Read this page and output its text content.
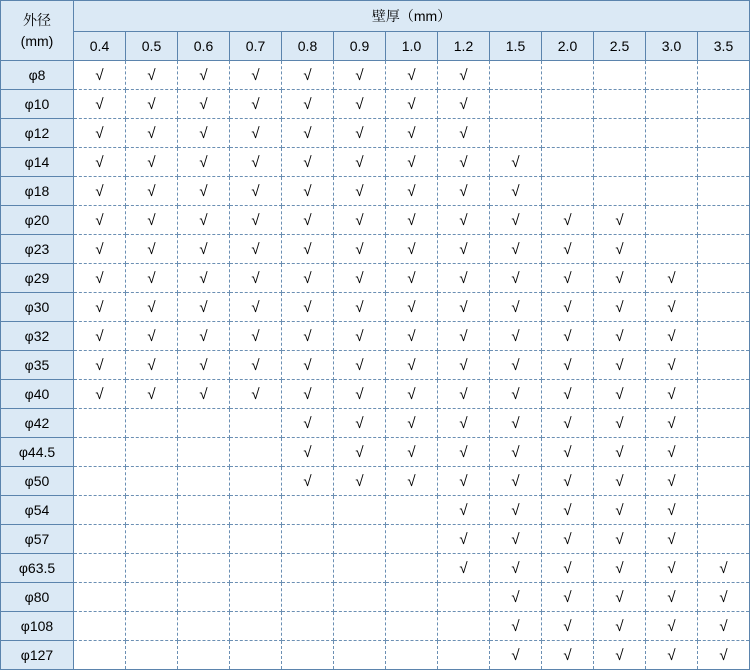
外径
(mm)	壁厚（mm）												
	0.4	0.5	0.6	0.7	0.8	0.9	1.0	1.2	1.5	2.0	2.5	3.0	3.5
φ8	√	√	√	√	√	√	√	√					
φ10	√	√	√	√	√	√	√	√					
φ12	√	√	√	√	√	√	√	√					
φ14	√	√	√	√	√	√	√	√	√				
φ18	√	√	√	√	√	√	√	√	√				
φ20	√	√	√	√	√	√	√	√	√	√	√		
φ23	√	√	√	√	√	√	√	√	√	√	√		
φ29	√	√	√	√	√	√	√	√	√	√	√	√	
φ30	√	√	√	√	√	√	√	√	√	√	√	√	
φ32	√	√	√	√	√	√	√	√	√	√	√	√	
φ35	√	√	√	√	√	√	√	√	√	√	√	√	
φ40	√	√	√	√	√	√	√	√	√	√	√	√	
φ42					√	√	√	√	√	√	√	√	
φ44.5					√	√	√	√	√	√	√	√	
φ50					√	√	√	√	√	√	√	√	
φ54								√	√	√	√	√	
φ57								√	√	√	√	√	
φ63.5								√	√	√	√	√	√
φ80									√	√	√	√	√
φ108									√	√	√	√	√
φ127									√	√	√	√	√
